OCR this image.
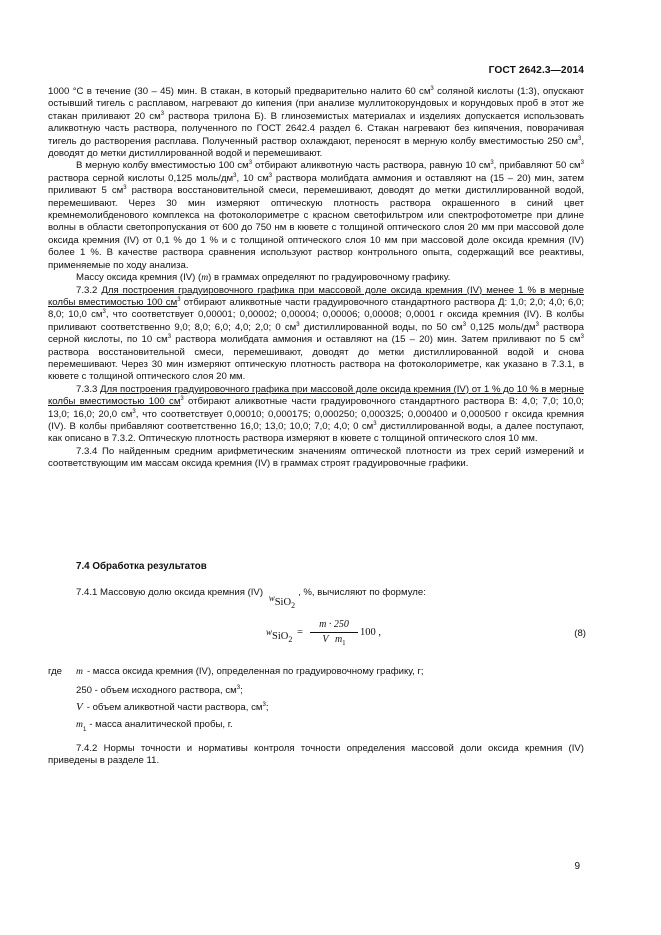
ГОСТ 2642.3—2014

1000 °С в течение (30 – 45) мин. В стакан, в который предварительно налито 60 $см^3$ соляной кислоты (1:3), опускают остывший тигель с расплавом, нагревают до кипения (при анализе муллитокорундовых и корундовых проб в этот же стакан приливают 20 $см^3$ раствора трилона Б). В глиноземистых материалах и изделиях допускается использовать аликвотную часть раствора, полученного по ГОСТ 2642.4 раздел 6. Стакан нагревают без кипячения, поворачивая тигель до растворения расплава. Полученный раствор охлаждают, переносят в мерную колбу вместимостью 250 $см^3$, доводят до метки дистиллированной водой и перемешивают.

В мерную колбу вместимостью 100 $см^3$ отбирают аликвотную часть раствора, равную 10 $см^3$, прибавляют 50 $см^3$ раствора серной кислоты 0,125 моль/$дм^3$, 10 $см^3$ раствора молибдата аммония и оставляют на (15 – 20) мин, затем приливают 5 $см^3$ раствора восстановительной смеси, перемешивают, доводят до метки дистиллированной водой, перемешивают. Через 30 мин измеряют оптическую плотность раствора окрашенного в синий цвет кремнемолибденового комплекса на фотоколориметре с красном светофильтром или спектрофотометре при длине волны в области светопропускания от 600 до 750 нм в кювете с толщиной оптического слоя 20 мм при массовой доле оксида кремния (IV) от 0,1 % до 1 % и с толщиной оптического слоя 10 мм при массовой доле оксида кремния (IV) более 1 %. В качестве раствора сравнения используют раствор контрольного опыта, содержащий все реактивы, применяемые по ходу анализа.

Массу оксида кремния (IV) (m) в граммах определяют по градуировочному графику.

7.3.2 Для построения градуировочного графика при массовой доле оксида кремния (IV) менее 1 % в мерные колбы вместимостью 100 $см^3$ отбирают аликвотные части градуировочного стандартного раствора Д: 1,0; 2,0; 4,0; 6,0; 8,0; 10,0 $см^3$, что соответствует 0,00001; 0,00002; 0,00004; 0,00006; 0,00008; 0,0001 г оксида кремния (IV). В колбы приливают соответственно 9,0; 8,0; 6,0; 4,0; 2,0; 0 $см^3$ дистиллированной воды, по 50 $см^3$ 0,125 моль/$дм^3$ раствора серной кислоты, по 10 $см^3$ раствора молибдата аммония и оставляют на (15 – 20) мин. Затем приливают по 5 $см^3$ раствора восстановительной смеси, перемешивают, доводят до метки дистиллированной водой и снова перемешивают. Через 30 мин измеряют оптическую плотность раствора на фотоколориметре, как указано в 7.3.1, в кювете с толщиной оптического слоя 20 мм.

7.3.3 Для построения градуировочного графика при массовой доле оксида кремния (IV) от 1 % до 10 % в мерные колбы вместимостью 100 $см^3$ отбирают аликвотные части градуировочного стандартного раствора В: 4,0; 7,0; 10,0; 13,0; 16,0; 20,0 $см^3$, что соответствует 0,00010; 0,000175; 0,000250; 0,000325; 0,000400 и 0,000500 г оксида кремния (IV). В колбы прибавляют соответственно 16,0; 13,0; 10,0; 7,0; 4,0; 0 $см^3$ дистиллированной воды, а далее поступают, как описано в 7.3.2. Оптическую плотность раствора измеряют в кювете с толщиной оптического слоя 10 мм.

7.3.4 По найденным средним арифметическим значениям оптической плотности из трех серий измерений и соответствующим им массам оксида кремния (IV) в граммах строят градуировочные графики.

7.4 Обработка результатов
7.4.1 Массовую долю оксида кремния (IV) wSiO$_2$, %, вычисляют по формуле:
wSiO$_2$ = $\frac{m \cdot 250}{V m_1} 100$ ,	(8)
где m - масса оксида кремния (IV), определенная по градуировочному графику, г;
250 - объем исходного раствора, $см^3$;
V - объем аликвотной части раствора, $см^3$;
$m_1$ - масса аналитической пробы, г.

7.4.2 Нормы точности и нормативы контроля точности определения массовой доли оксида кремния (IV) приведены в разделе 11.

9
